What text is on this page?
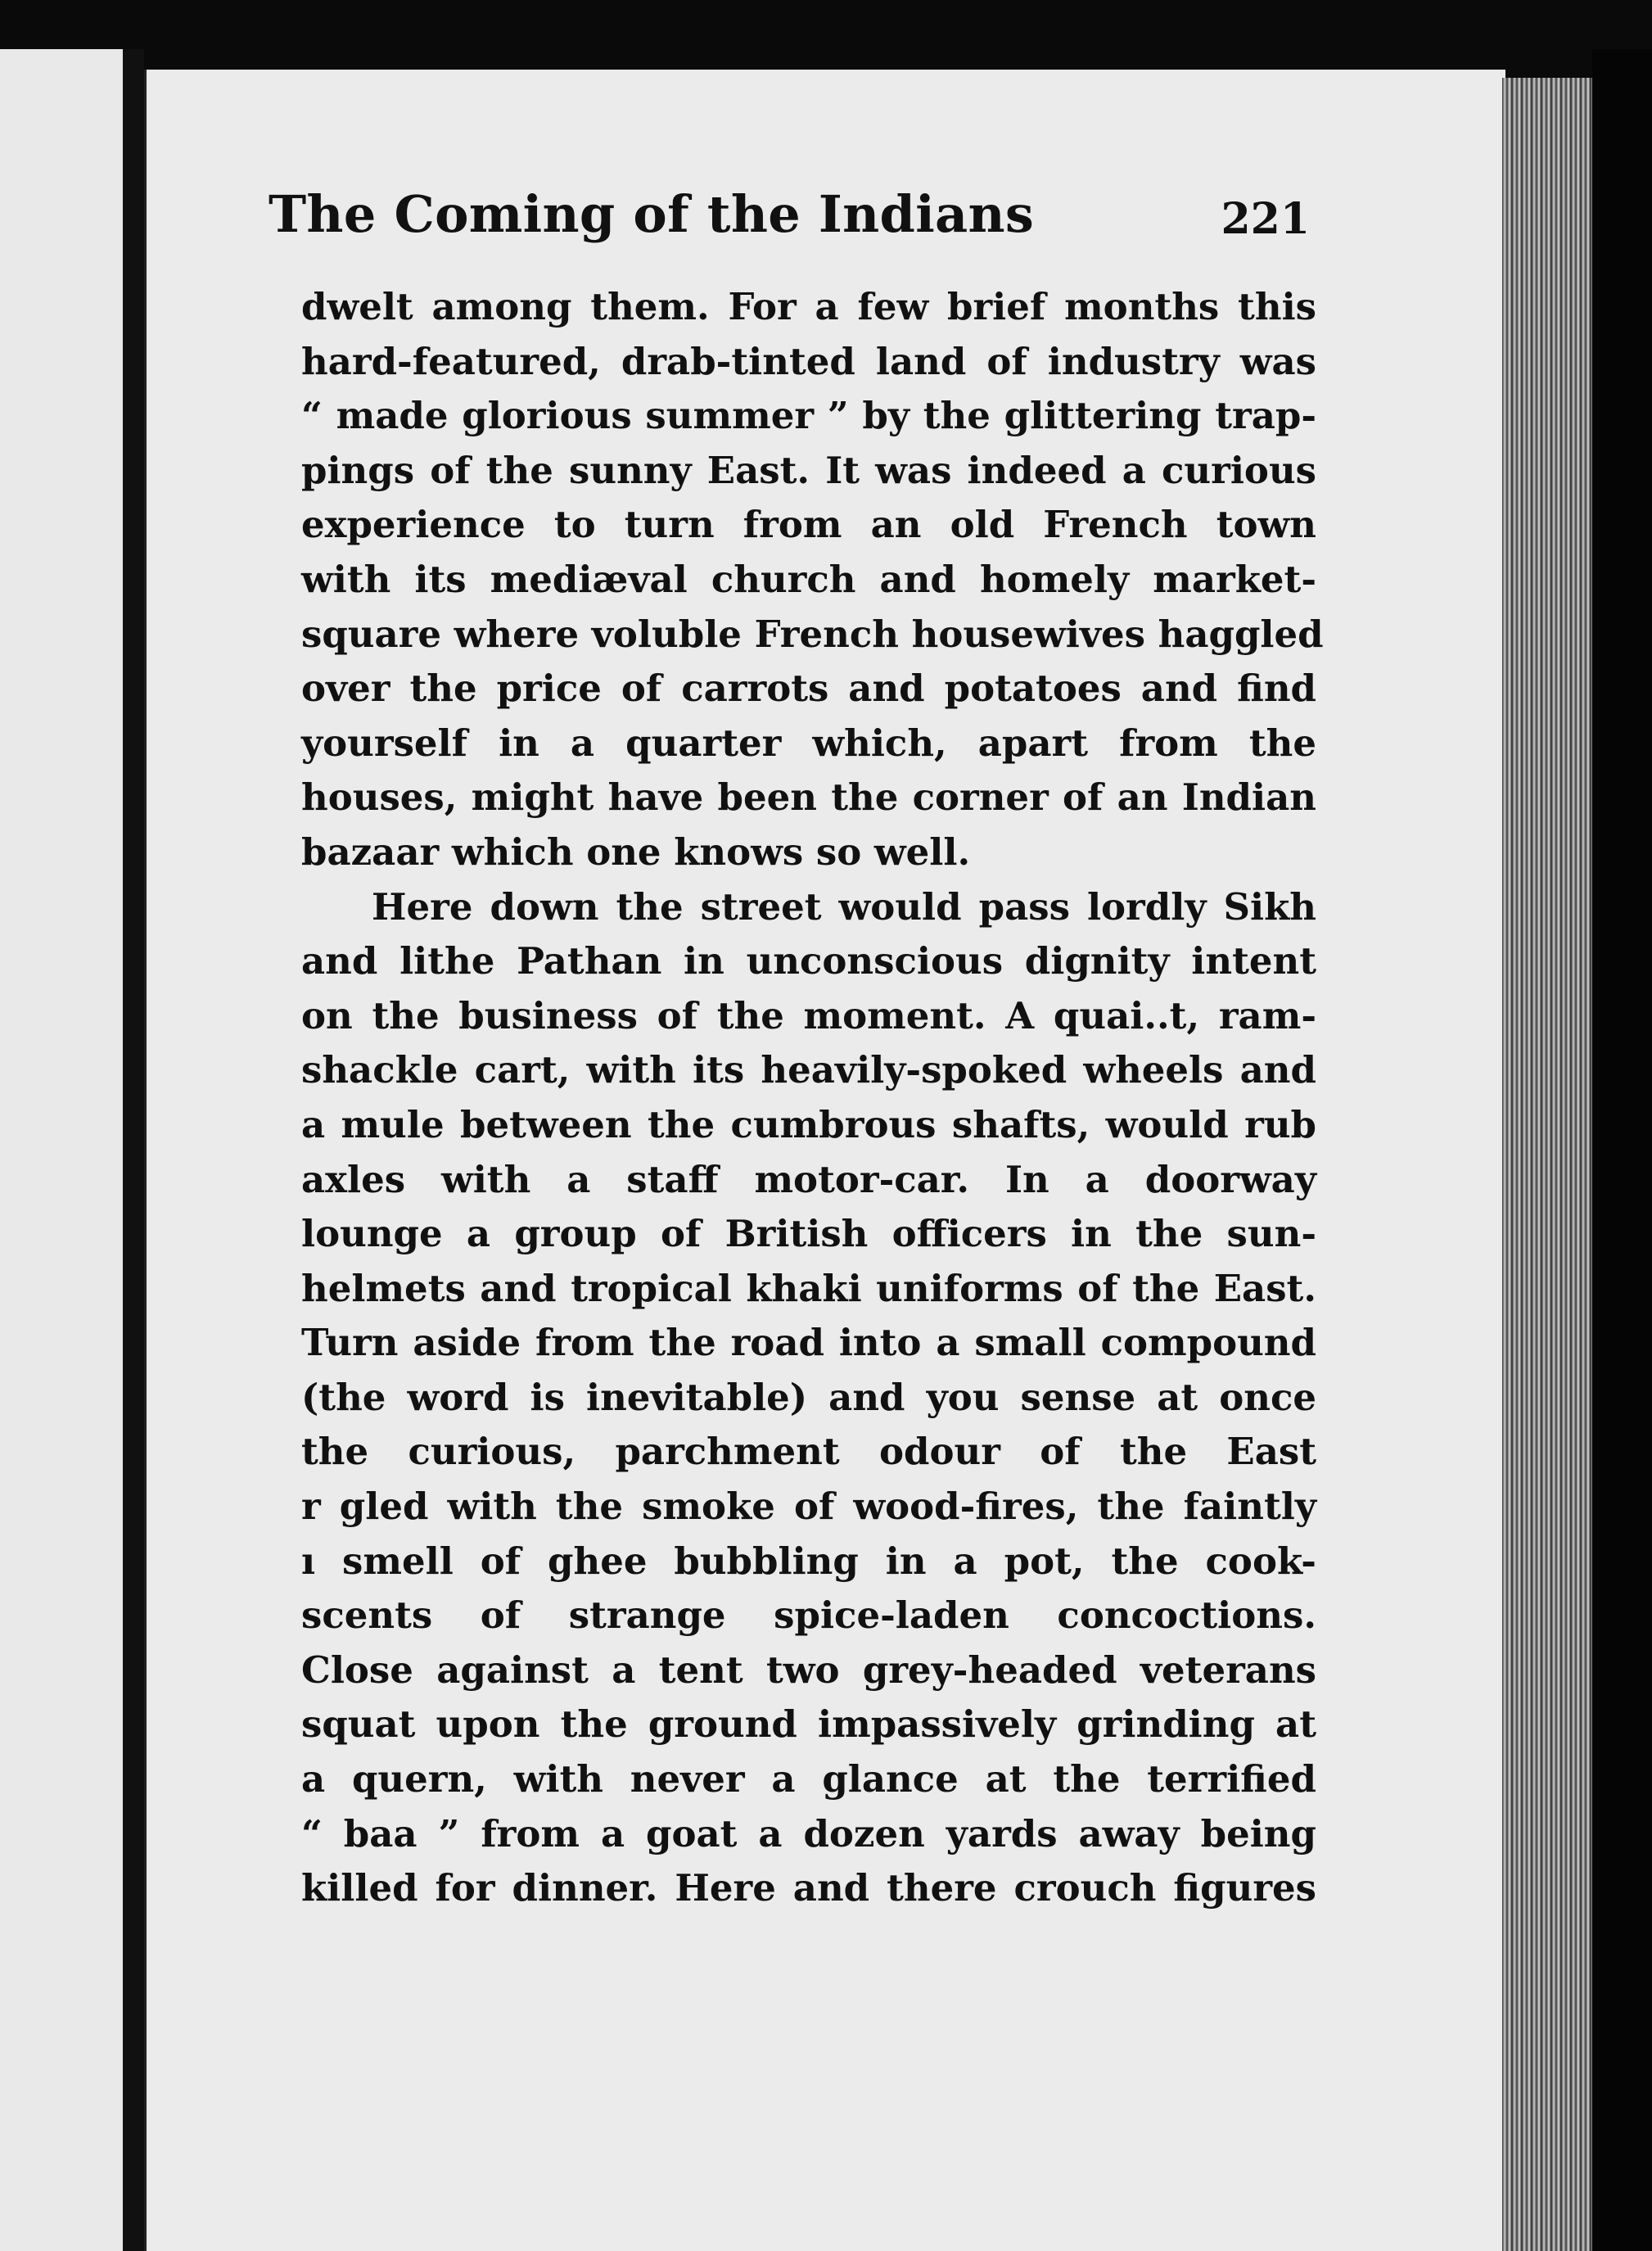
The Coming of the Indians	221
dwelt among them. For a few brief months this
hard-featured, drab-tinted land of industry was
“ made glorious summer ” by the glittering trap-
pings of the sunny East. It was indeed a curious
experience to turn from an old French town
with its mediæval church and homely market-
square where voluble French housewives haggled
over the price of carrots and potatoes and find
yourself in a quarter which, apart from the
houses, might have been the corner of an Indian
bazaar which one knows so well.
Here down the street would pass lordly Sikh
and lithe Pathan in unconscious dignity intent
on the business of the moment. A quai..t, ram-
shackle cart, with its heavily-spoked wheels and
a mule between the cumbrous shafts, would rub
axles with a staff motor-car. In a doorway
lounge a group of British officers in the sun-
helmets and tropical khaki uniforms of the East.
Turn aside from the road into a small compound
(the word is inevitable) and you sense at once
the curious, parchment odour of the East
r gled with the smoke of wood-fires, the faintly
ı smell of ghee bubbling in a pot, the cook-
scents of strange spice-laden concoctions.
Close against a tent two grey-headed veterans
squat upon the ground impassively grinding at
a quern, with never a glance at the terrified
“ baa ” from a goat a dozen yards away being
killed for dinner. Here and there crouch figures
